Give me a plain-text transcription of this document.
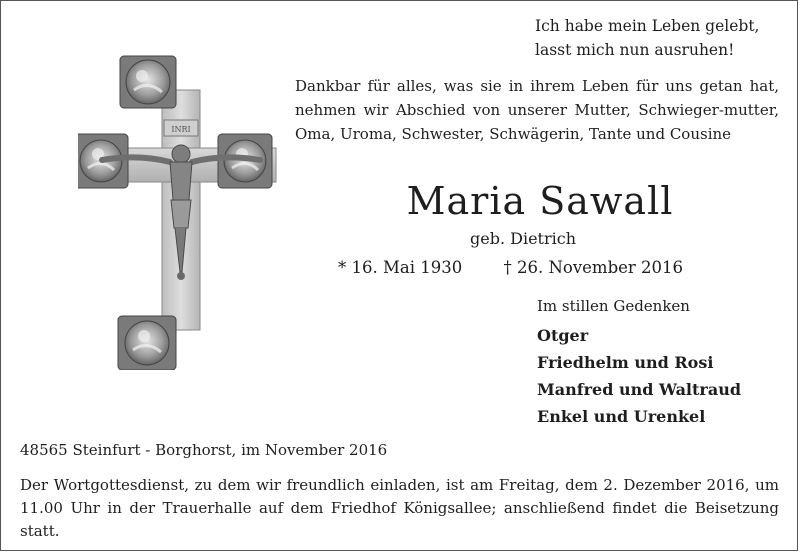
INRI
Ich habe mein Leben gelebt,
lasst mich nun ausruhen!
Dankbar für alles, was sie in ihrem Leben für uns getan hat, nehmen wir Abschied von unserer Mutter, Schwieger-mutter, Oma, Uroma, Schwester, Schwägerin, Tante und Cousine
Maria Sawall
geb. Dietrich
* 16. Mai 1930	† 26. November 2016
Im stillen Gedenken
Otger
Friedhelm und Rosi
Manfred und Waltraud
Enkel und Urenkel
48565 Steinfurt - Borghorst, im November 2016
Der Wortgottesdienst, zu dem wir freundlich einladen, ist am Freitag, dem 2. Dezember 2016, um 11.00 Uhr in der Trauerhalle auf dem Friedhof Königsallee; anschließend findet die Beisetzung statt.
